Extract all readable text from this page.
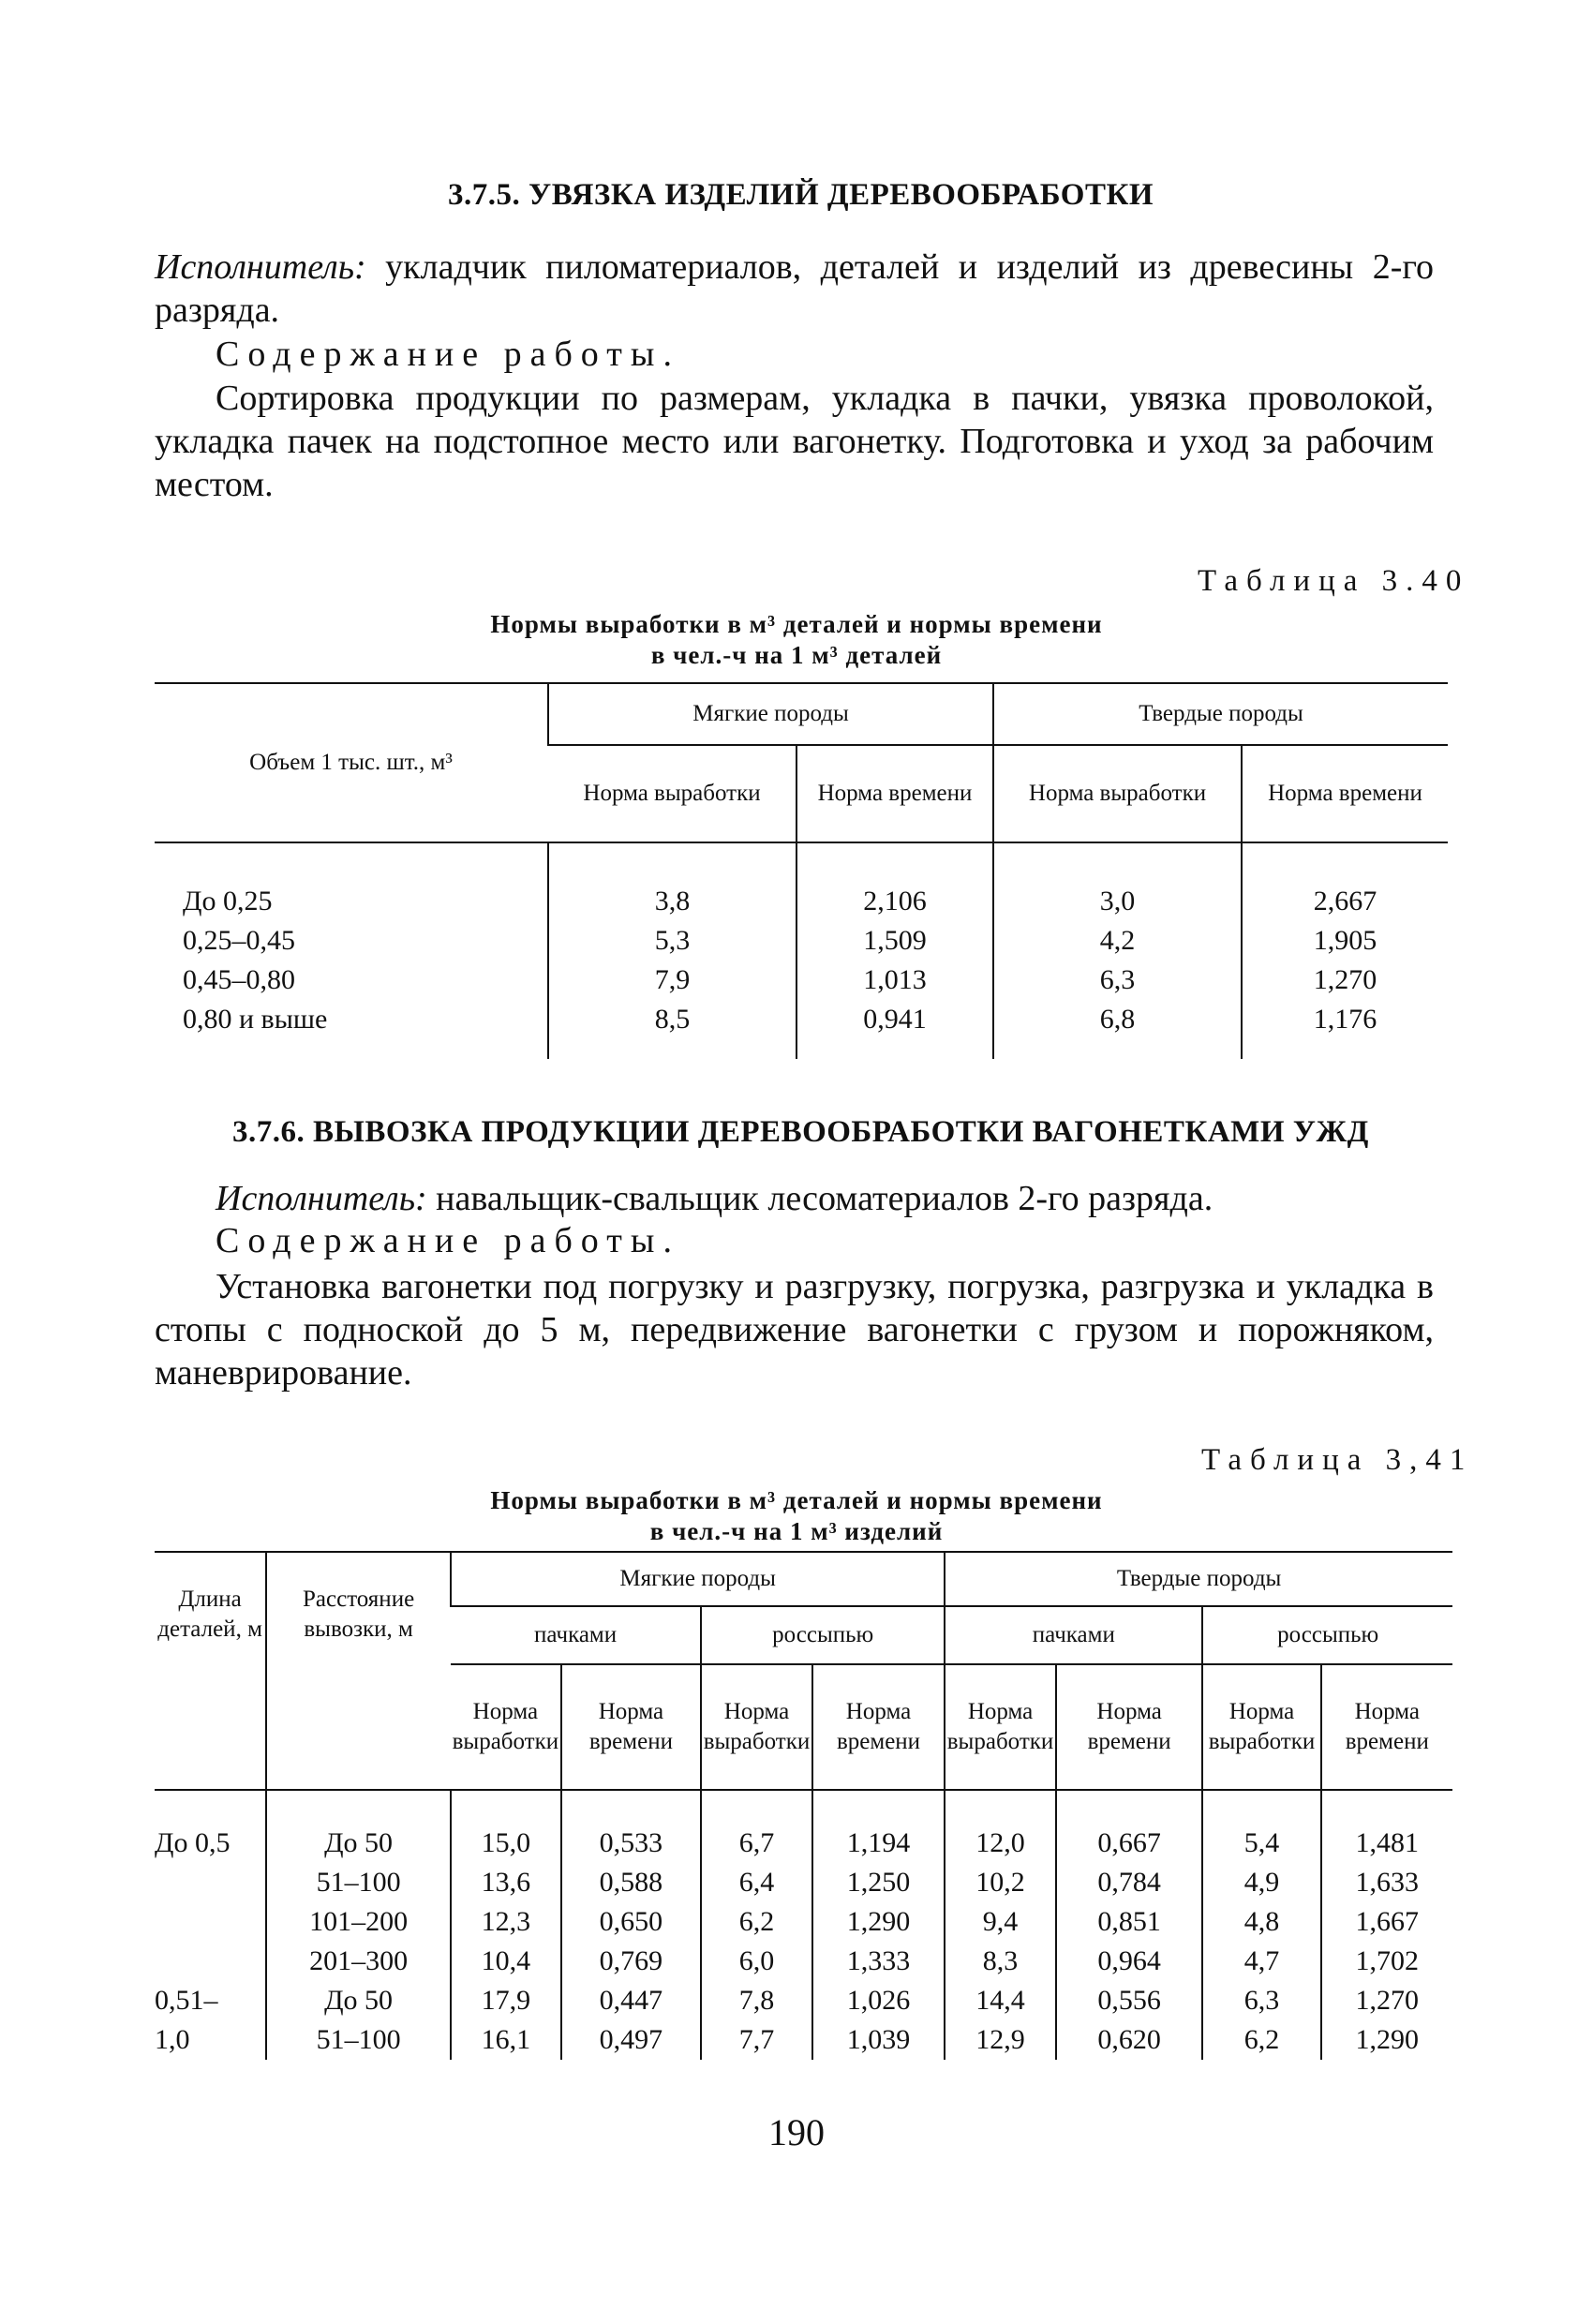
3.7.5. УВЯЗКА ИЗДЕЛИЙ ДЕРЕВООБРАБОТКИ
Исполнитель: укладчик пиломатериалов, деталей и изделий из древесины 2-го разряда.
Содержание работы.
Сортировка продукции по размерам, укладка в пачки, увязка проволокой, укладка пачек на подстопное место или вагонетку. Подготовка и уход за рабочим местом.
Таблица 3.40
Нормы выработки в м³ деталей и нормы времени
в чел.-ч на 1 м³ деталей
Объем 1 тыс. шт., м³	Мягкие породы		Твердые породы	
	Норма выработки	Норма времени	Норма выработки	Норма времени
До 0,25	3,8	2,106	3,0	2,667
0,25–0,45	5,3	1,509	4,2	1,905
0,45–0,80	7,9	1,013	6,3	1,270
0,80 и выше	8,5	0,941	6,8	1,176
3.7.6. ВЫВОЗКА ПРОДУКЦИИ ДЕРЕВООБРАБОТКИ ВАГОНЕТКАМИ УЖД
Исполнитель: навальщик-свальщик лесоматериалов 2-го разряда.
Содержание работы.
Установка вагонетки под погрузку и разгрузку, погрузка, разгрузка и укладка в стопы с подноской до 5 м, передвижение вагонетки с грузом и порожняком, маневрирование.
Таблица 3,41
Нормы выработки в м³ деталей и нормы времени
в чел.-ч на 1 м³ изделий
Длина деталей, м	Расстояние вывозки, м	Мягкие породы				Твердые породы			
		пачками		россыпью		пачками		россыпью	
		Норма выработки	Норма времени	Норма выработки	Норма времени	Норма выработки	Норма времени	Норма выработки	Норма времени
До 0,5	До 50	15,0	0,533	6,7	1,194	12,0	0,667	5,4	1,481
	51–100	13,6	0,588	6,4	1,250	10,2	0,784	4,9	1,633
	101–200	12,3	0,650	6,2	1,290	9,4	0,851	4,8	1,667
	201–300	10,4	0,769	6,0	1,333	8,3	0,964	4,7	1,702
0,51–	До 50	17,9	0,447	7,8	1,026	14,4	0,556	6,3	1,270
1,0	51–100	16,1	0,497	7,7	1,039	12,9	0,620	6,2	1,290
190
